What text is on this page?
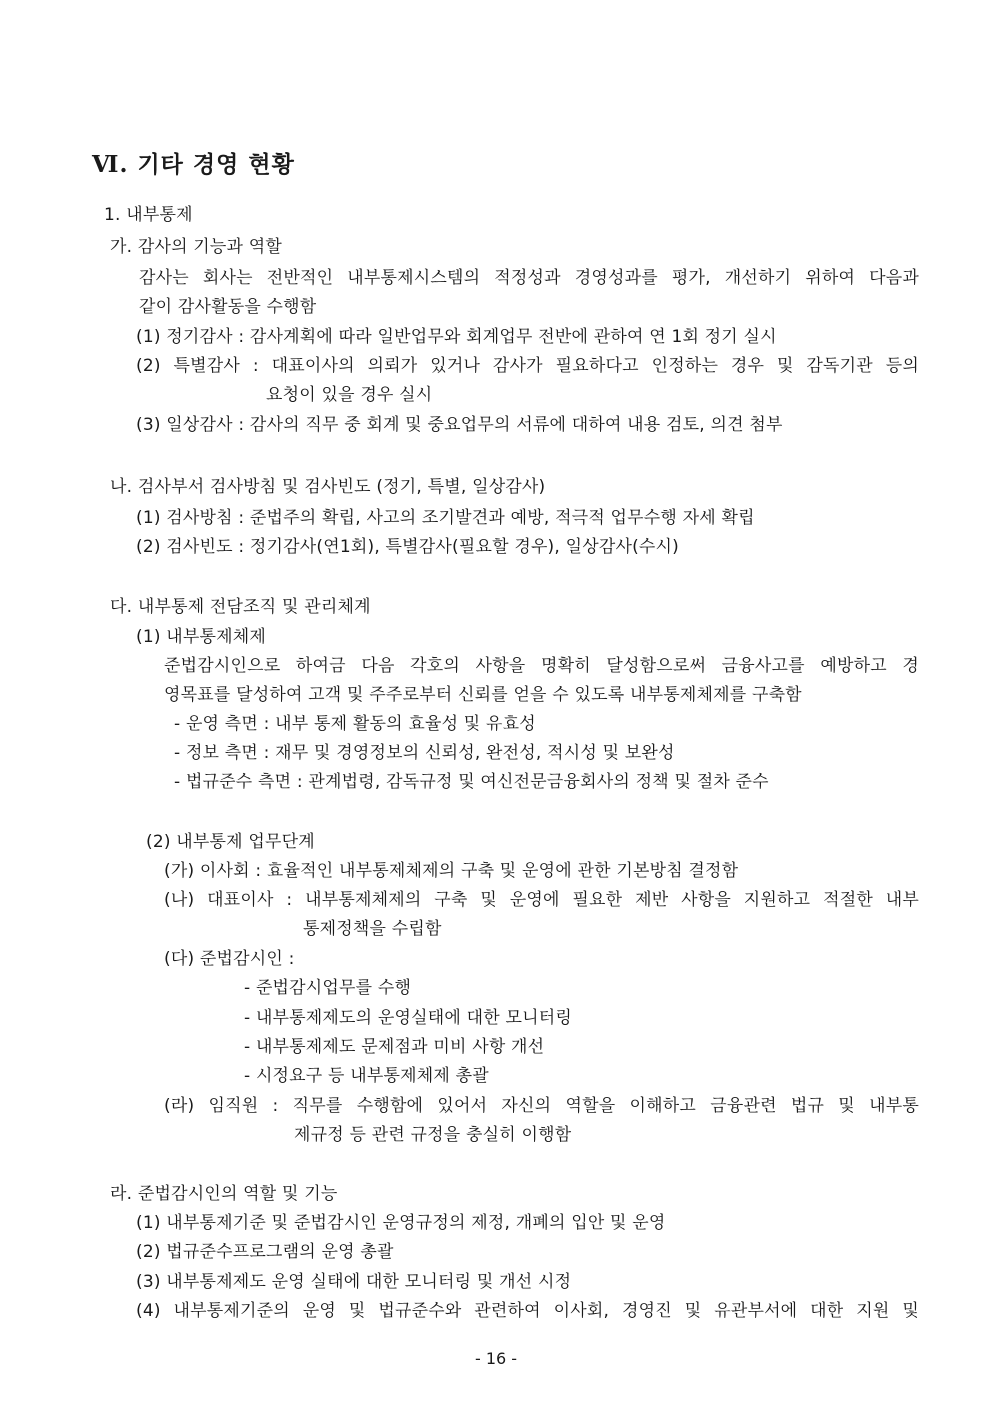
Ⅵ. 기타 경영 현황
1. 내부통제
가. 감사의 기능과 역할
감사는 회사는 전반적인 내부통제시스템의 적정성과 경영성과를 평가, 개선하기 위하여 다음과
같이 감사활동을 수행함
(1) 정기감사 : 감사계획에 따라 일반업무와 회계업무 전반에 관하여 연 1회 정기 실시
(2) 특별감사 : 대표이사의 의뢰가 있거나 감사가 필요하다고 인정하는 경우 및 감독기관 등의
요청이 있을 경우 실시
(3) 일상감사 : 감사의 직무 중 회계 및 중요업무의 서류에 대하여 내용 검토, 의견 첨부
나. 검사부서 검사방침 및 검사빈도 (정기, 특별, 일상감사)
(1) 검사방침 : 준법주의 확립, 사고의 조기발견과 예방, 적극적 업무수행 자세 확립
(2) 검사빈도 : 정기감사(연1회), 특별감사(필요할 경우), 일상감사(수시)
다. 내부통제 전담조직 및 관리체계
(1) 내부통제체제
준법감시인으로 하여금 다음 각호의 사항을 명확히 달성함으로써 금융사고를 예방하고 경
영목표를 달성하여 고객 및 주주로부터 신뢰를 얻을 수 있도록 내부통제체제를 구축함
- 운영 측면 : 내부 통제 활동의 효율성 및 유효성
- 정보 측면 : 재무 및 경영정보의 신뢰성, 완전성, 적시성 및 보완성
- 법규준수 측면 : 관계법령, 감독규정 및 여신전문금융회사의 정책 및 절차 준수
(2) 내부통제 업무단계
(가) 이사회 : 효율적인 내부통제체제의 구축 및 운영에 관한 기본방침 결정함
(나) 대표이사 : 내부통제체제의 구축 및 운영에 필요한 제반 사항을 지원하고 적절한 내부
통제정책을 수립함
(다) 준법감시인 :
- 준법감시업무를 수행
- 내부통제제도의 운영실태에 대한 모니터링
- 내부통제제도 문제점과 미비 사항 개선
- 시정요구 등 내부통제체제 총괄
(라) 임직원 : 직무를 수행함에 있어서 자신의 역할을 이해하고 금융관련 법규 및 내부통
제규정 등 관련 규정을 충실히 이행함
라. 준법감시인의 역할 및 기능
(1) 내부통제기준 및 준법감시인 운영규정의 제정, 개폐의 입안 및 운영
(2) 법규준수프로그램의 운영 총괄
(3) 내부통제제도 운영 실태에 대한 모니터링 및 개선 시정
(4) 내부통제기준의 운영 및 법규준수와 관련하여 이사회, 경영진 및 유관부서에 대한 지원 및
- 16 -
